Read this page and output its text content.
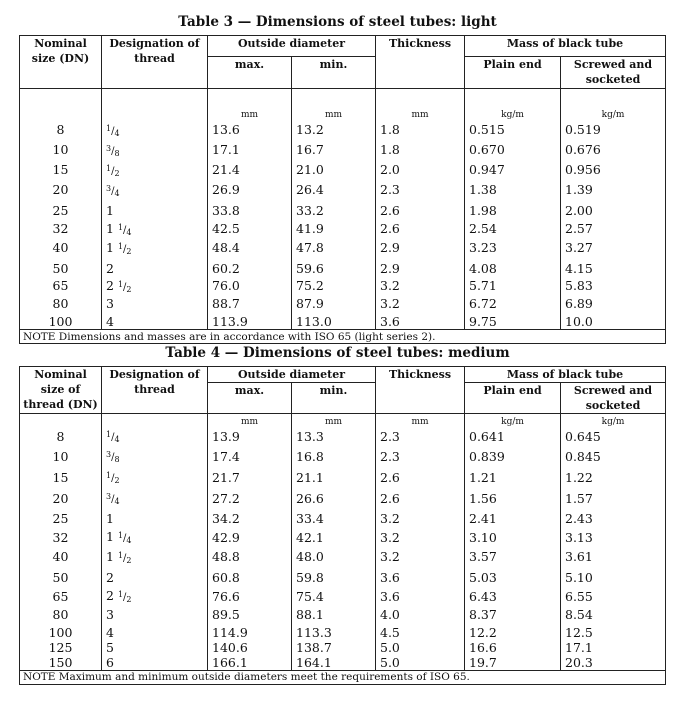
Table 3 — Dimensions of steel tubes: light
Nominal size (DN)	Designation of thread	Outside diameter		Thickness	Mass of black tube	
		max.	min.		Plain end	Screwed and socketed
		mm	mm	mm	kg/m	kg/m
8	$^1/_4$	13.6	13.2	1.8	0.515	0.519
10	$^3/_8$	17.1	16.7	1.8	0.670	0.676
15	$^1/_2$	21.4	21.0	2.0	0.947	0.956
20	$^3/_4$	26.9	26.4	2.3	1.38	1.39
25	1	33.8	33.2	2.6	1.98	2.00
32	1 $^1/_4$	42.5	41.9	2.6	2.54	2.57
40	1 $^1/_2$	48.4	47.8	2.9	3.23	3.27
50	2	60.2	59.6	2.9	4.08	4.15
65	2 $^1/_2$	76.0	75.2	3.2	5.71	5.83
80	3	88.7	87.9	3.2	6.72	6.89
100	4	113.9	113.0	3.6	9.75	10.0
NOTE Dimensions and masses are in accordance with ISO 65 (light series 2).						
Table 4 — Dimensions of steel tubes: medium
Nominal size of thread (DN)	Designation of thread	Outside diameter		Thickness	Mass of black tube	
		max.	min.		Plain end	Screwed and socketed
		mm	mm	mm	kg/m	kg/m
8	$^1/_4$	13.9	13.3	2.3	0.641	0.645
10	$^3/_8$	17.4	16.8	2.3	0.839	0.845
15	$^1/_2$	21.7	21.1	2.6	1.21	1.22
20	$^3/_4$	27.2	26.6	2.6	1.56	1.57
25	1	34.2	33.4	3.2	2.41	2.43
32	1 $^1/_4$	42.9	42.1	3.2	3.10	3.13
40	1 $^1/_2$	48.8	48.0	3.2	3.57	3.61
50	2	60.8	59.8	3.6	5.03	5.10
65	2 $^1/_2$	76.6	75.4	3.6	6.43	6.55
80	3	89.5	88.1	4.0	8.37	8.54
100	4	114.9	113.3	4.5	12.2	12.5
125	5	140.6	138.7	5.0	16.6	17.1
150	6	166.1	164.1	5.0	19.7	20.3
NOTE Maximum and minimum outside diameters meet the requirements of ISO 65.						
